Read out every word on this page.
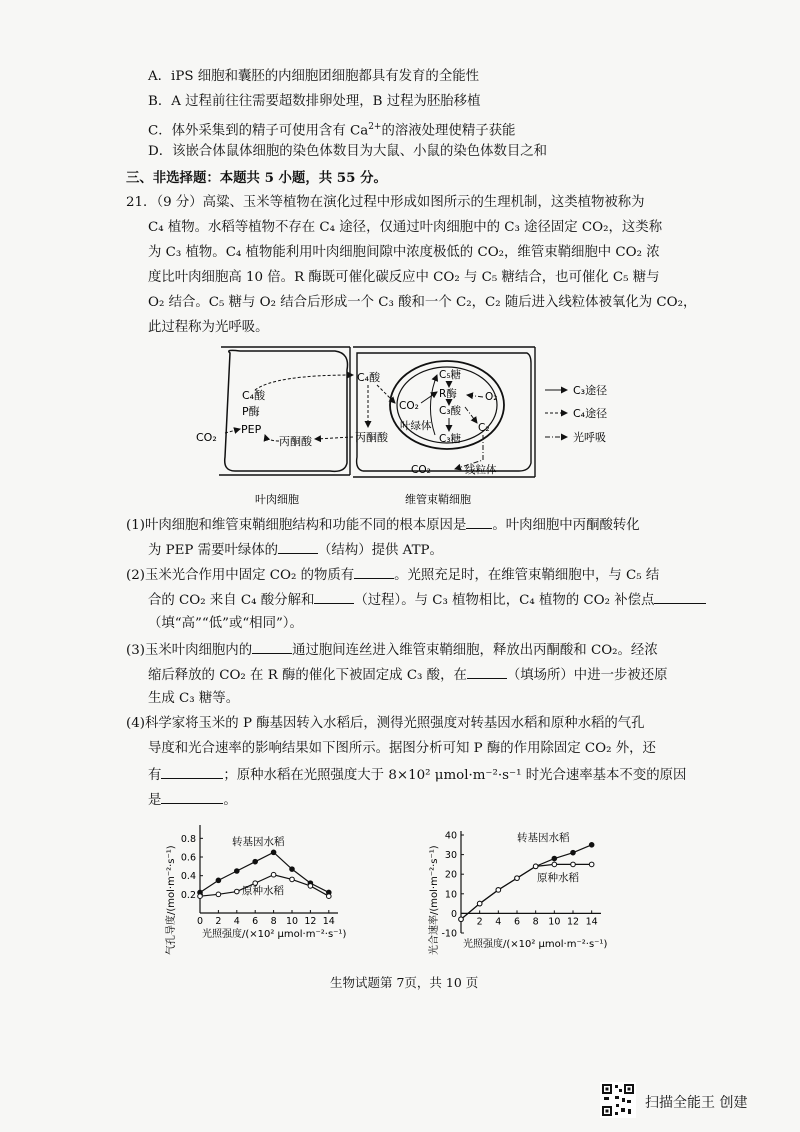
A．iPS 细胞和囊胚的内细胞团细胞都具有发育的全能性
B．A 过程前往往需要超数排卵处理，B 过程为胚胎移植
C．体外采集到的精子可使用含有 $Ca^{2+}$的溶液处理使精子获能
D．该嵌合体鼠体细胞的染色体数目为大鼠、小鼠的染色体数目之和
三、非选择题：本题共 5 小题，共 55 分。
21．（9 分）高粱、玉米等植物在演化过程中形成如图所示的生理机制，这类植物被称为
C₄ 植物。水稻等植物不存在 C₄ 途径，仅通过叶肉细胞中的 C₃ 途径固定 CO₂，这类称
为 C₃ 植物。C₄ 植物能利用叶肉细胞间隙中浓度极低的 CO₂，维管束鞘细胞中 CO₂ 浓
度比叶肉细胞高 10 倍。R 酶既可催化碳反应中 CO₂ 与 C₅ 糖结合，也可催化 C₅ 糖与
O₂ 结合。C₅ 糖与 O₂ 结合后形成一个 C₃ 酸和一个 C₂，C₂ 随后进入线粒体被氧化为 CO₂，
此过程称为光呼吸。
C₄酸
C₄酸
P酶
PEP
CO₂	丙酮酸	丙酮酸
C₅糖
R酶
CO₂
O₂
C₃酸
C₂
叶绿体
C₃糖
CO₂	线粒体
叶肉细胞	维管束鞘细胞
C₃途径
C₄途径
光呼吸
(1)叶肉细胞和维管束鞘细胞结构和功能不同的根本原因是 。叶肉细胞中丙酮酸转化
为 PEP 需要叶绿体的	（结构）提供 ATP。
(2)玉米光合作用中固定 CO₂ 的物质有	。光照充足时，在维管束鞘细胞中，与 C₅ 结
合的 CO₂ 来自 C₄ 酸分解和	（过程）。与 C₃ 植物相比，C₄ 植物的 CO₂ 补偿点
（填“高”“低”或“相同”）。
(3)玉米叶肉细胞内的	通过胞间连丝进入维管束鞘细胞，释放出丙酮酸和 CO₂。经浓
缩后释放的 CO₂ 在 R 酶的催化下被固定成 C₃ 酸，在	（填场所）中进一步被还原
生成 C₃ 糖等。
(4)科学家将玉米的 P 酶基因转入水稻后，测得光照强度对转基因水稻和原种水稻的气孔
导度和光合速率的影响结果如下图所示。据图分析可知 P 酶的作用除固定 CO₂ 外，还
有	；原种水稻在光照强度大于 8×10² μmol·m⁻²·s⁻¹ 时光合速率基本不变的原因
是	。
气孔导度/(mol·m⁻²·s⁻¹)	光照强度/(×10² μmol·m⁻²·s⁻¹)
转基因水稻
原种水稻
0.2
0.4
0.6
0.8
0 2 4 6 8 10 12 14	光合速率/(mol·m⁻²·s⁻¹) 光照强度/(×10² μmol·m⁻²·s⁻¹)
转基因水稻
原种水稻
-10
0
10
20
30
40
2 4 6 8 10 12 14
生物试题第 7页，共 10 页
扫描全能王 创建
